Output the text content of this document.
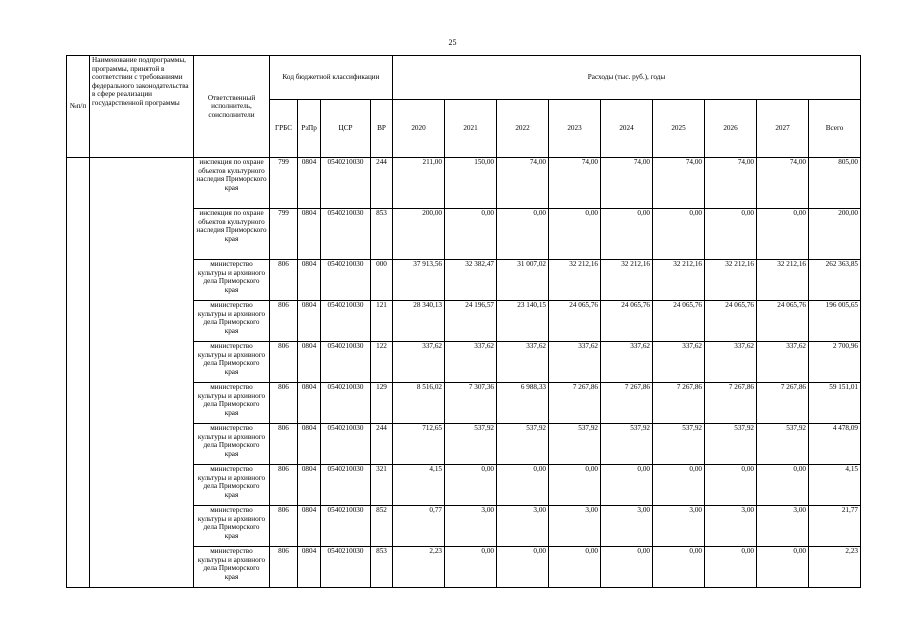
25
№п/п	Наименование подпрограммы, программы, принятой в соответствии с требованиями федерального законодательства в сфере реализации государственной программы	Ответственный исполнитель, соисполнители	Код бюджетной классификации				Расходы (тыс. руб.), годы								
			ГРБС	РзПр	ЦСР	ВР	2020	2021	2022	2023	2024	2025	2026	2027	Всего
		инспекция по охране объектов культурного наследия Приморского края	799	0804	0540210030	244	211,00	150,00	74,00	74,00	74,00	74,00	74,00	74,00	805,00
		инспекция по охране объектов культурного наследия Приморского края	799	0804	0540210030	853	200,00	0,00	0,00	0,00	0,00	0,00	0,00	0,00	200,00
		министерство культуры и архивного дела Приморского края	806	0804	0540210030	000	37 913,56	32 382,47	31 007,02	32 212,16	32 212,16	32 212,16	32 212,16	32 212,16	262 363,85
		министерство культуры и архивного дела Приморского края	806	0804	0540210030	121	28 340,13	24 196,57	23 140,15	24 065,76	24 065,76	24 065,76	24 065,76	24 065,76	196 005,65
		министерство культуры и архивного дела Приморского края	806	0804	0540210030	122	337,62	337,62	337,62	337,62	337,62	337,62	337,62	337,62	2 700,96
		министерство культуры и архивного дела Приморского края	806	0804	0540210030	129	8 516,02	7 307,36	6 988,33	7 267,86	7 267,86	7 267,86	7 267,86	7 267,86	59 151,01
		министерство культуры и архивного дела Приморского края	806	0804	0540210030	244	712,65	537,92	537,92	537,92	537,92	537,92	537,92	537,92	4 478,09
		министерство культуры и архивного дела Приморского края	806	0804	0540210030	321	4,15	0,00	0,00	0,00	0,00	0,00	0,00	0,00	4,15
		министерство культуры и архивного дела Приморского края	806	0804	0540210030	852	0,77	3,00	3,00	3,00	3,00	3,00	3,00	3,00	21,77
		министерство культуры и архивного дела Приморского края	806	0804	0540210030	853	2,23	0,00	0,00	0,00	0,00	0,00	0,00	0,00	2,23
